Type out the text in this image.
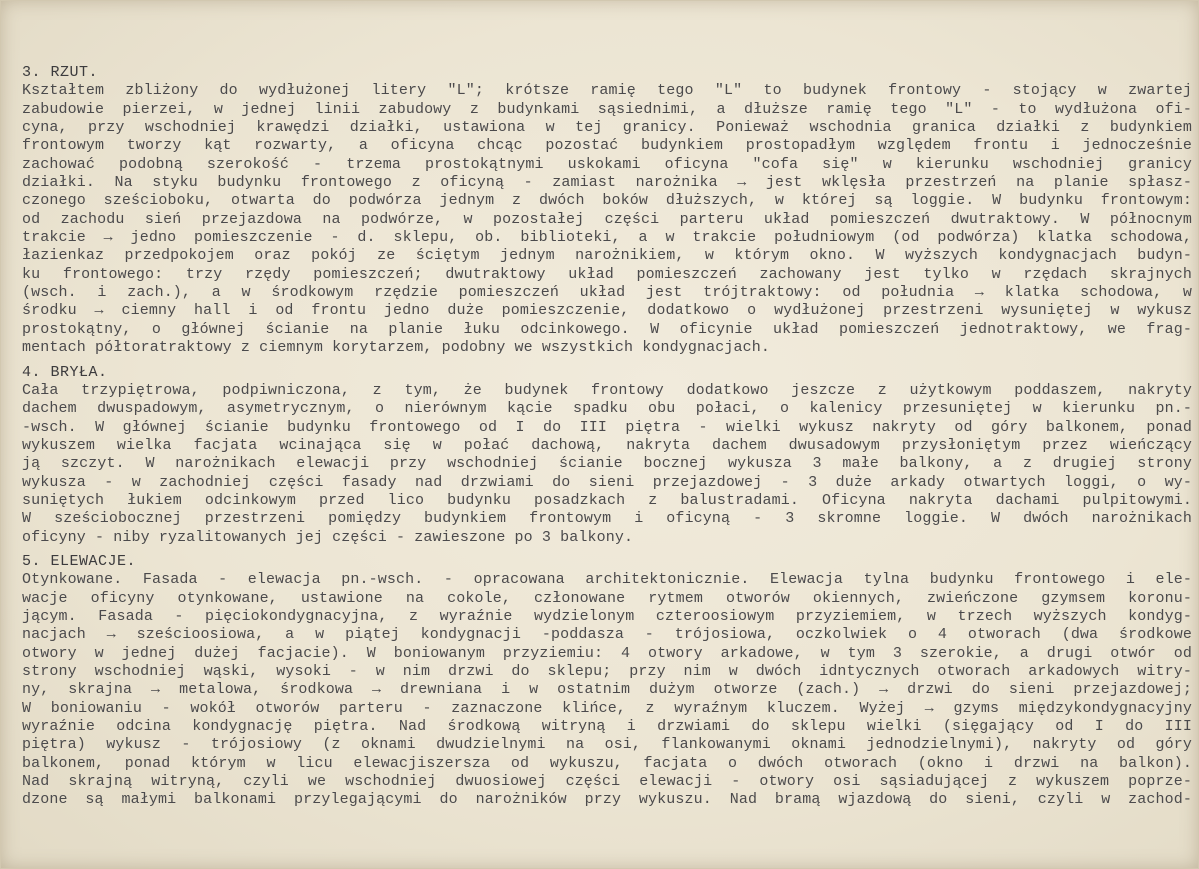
3. RZUT.
Kształtem zbliżony do wydłużonej litery "L"; krótsze ramię tego "L" to budynek frontowy - stojący w zwartej
zabudowie pierzei, w jednej linii zabudowy z budynkami sąsiednimi, a dłuższe ramię tego "L" - to wydłużona ofi-
cyna, przy wschodniej krawędzi działki, ustawiona w tej granicy. Ponieważ wschodnia granica działki z budynkiem
frontowym tworzy kąt rozwarty, a oficyna chcąc pozostać budynkiem prostopadłym względem frontu i jednocześnie
zachować podobną szerokość - trzema prostokątnymi uskokami oficyna "cofa się" w kierunku wschodniej granicy
działki. Na styku budynku frontowego z oficyną - zamiast narożnika → jest wklęsła przestrzeń na planie spłasz-
czonego sześcioboku, otwarta do podwórza jednym z dwóch boków dłuższych, w której są loggie. W budynku frontowym:
od zachodu sień przejazdowa na podwórze, w pozostałej części parteru układ pomieszczeń dwutraktowy. W północnym
trakcie → jedno pomieszczenie - d. sklepu, ob. biblioteki, a w trakcie południowym (od podwórza) klatka schodowa,
łazienkaz przedpokojem oraz pokój ze ściętym jednym narożnikiem, w którym okno. W wyższych kondygnacjach budyn-
ku frontowego: trzy rzędy pomieszczeń; dwutraktowy układ pomieszczeń zachowany jest tylko w rzędach skrajnych
(wsch. i zach.), a w środkowym rzędzie pomieszczeń układ jest trójtraktowy: od południa → klatka schodowa, w
środku → ciemny hall i od frontu jedno duże pomieszczenie, dodatkowo o wydłużonej przestrzeni wysuniętej w wykusz
prostokątny, o głównej ścianie na planie łuku odcinkowego. W oficynie układ pomieszczeń jednotraktowy, we frag-
mentach półtoratraktowy z ciemnym korytarzem, podobny we wszystkich kondygnacjach.
4. BRYŁA.
Cała trzypiętrowa, podpiwniczona, z tym, że budynek frontowy dodatkowo jeszcze z użytkowym poddaszem, nakryty
dachem dwuspadowym, asymetrycznym, o nierównym kącie spadku obu połaci, o kalenicy przesuniętej w kierunku pn.-
-wsch. W głównej ścianie budynku frontowego od I do III piętra - wielki wykusz nakryty od góry balkonem, ponad
wykuszem wielka facjata wcinająca się w połać dachową, nakryta dachem dwusadowym przysłoniętym przez wieńczący
ją szczyt. W narożnikach elewacji przy wschodniej ścianie bocznej wykusza 3 małe balkony, a z drugiej strony
wykusza - w zachodniej części fasady nad drzwiami do sieni przejazdowej - 3 duże arkady otwartych loggi, o wy-
suniętych łukiem odcinkowym przed lico budynku posadzkach z balustradami. Oficyna nakryta dachami pulpitowymi.
W sześciobocznej przestrzeni pomiędzy budynkiem frontowym i oficyną - 3 skromne loggie. W dwóch narożnikach
oficyny - niby ryzalitowanych jej części - zawieszone po 3 balkony.
5. ELEWACJE.
Otynkowane. Fasada - elewacja pn.-wsch. - opracowana architektonicznie. Elewacja tylna budynku frontowego i ele-
wacje oficyny otynkowane, ustawione na cokole, członowane rytmem otworów okiennych, zwieńczone gzymsem koronu-
jącym. Fasada - pięciokondygnacyjna, z wyraźnie wydzielonym czteroosiowym przyziemiem, w trzech wyższych kondyg-
nacjach → sześcioosiowa, a w piątej kondygnacji -poddasza - trójosiowa, oczkolwiek o 4 otworach (dwa środkowe
otwory w jednej dużej facjacie). W boniowanym przyziemiu: 4 otwory arkadowe, w tym 3 szerokie, a drugi otwór od
strony wschodniej wąski, wysoki - w nim drzwi do sklepu; przy nim w dwóch idntycznych otworach arkadowych witry-
ny, skrajna → metalowa, środkowa → drewniana i w ostatnim dużym otworze (zach.) → drzwi do sieni przejazdowej;
W boniowaniu - wokół otworów parteru - zaznaczone klińce, z wyraźnym kluczem. Wyżej → gzyms międzykondygnacyjny
wyraźnie odcina kondygnację piętra. Nad środkową witryną i drzwiami do sklepu wielki (sięgający od I do III
piętra) wykusz - trójosiowy (z oknami dwudzielnymi na osi, flankowanymi oknami jednodzielnymi), nakryty od góry
balkonem, ponad którym w licu elewacjiszersza od wykuszu, facjata o dwóch otworach (okno i drzwi na balkon).
Nad skrajną witryną, czyli we wschodniej dwuosiowej części elewacji - otwory osi sąsiadującej z wykuszem poprze-
dzone są małymi balkonami przylegającymi do narożników przy wykuszu. Nad bramą wjazdową do sieni, czyli w zachod-
